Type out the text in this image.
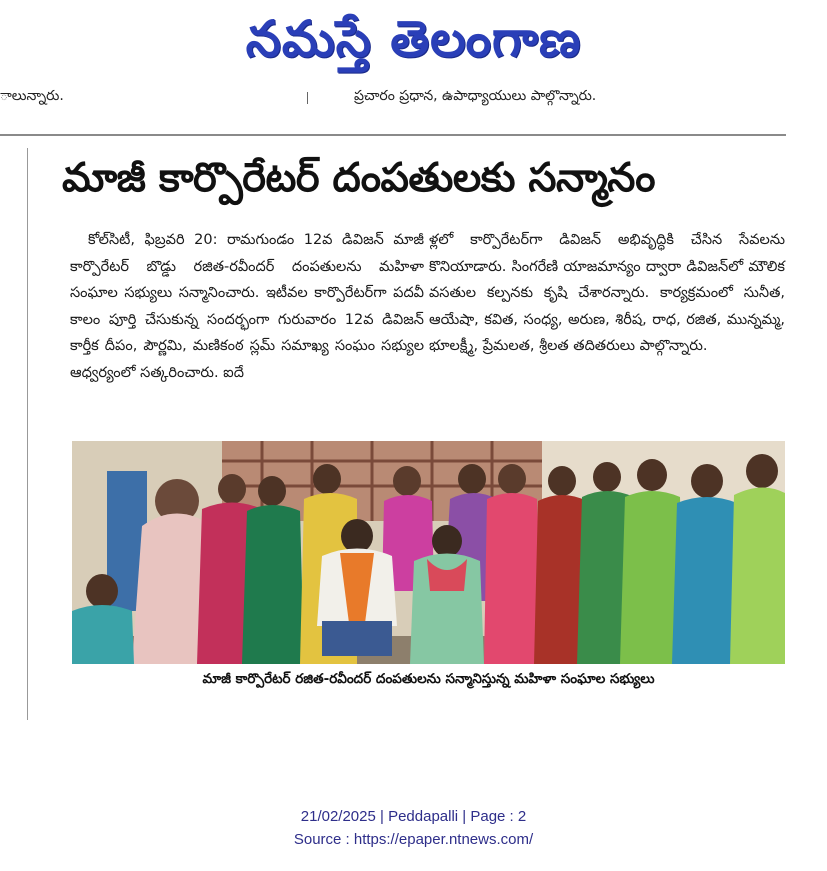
నమస్తే తెలంగాణ
ాలున్నారు.	ప్రచారం ప్రధాన, ఉపాధ్యాయులు పాల్గొన్నారు.
మాజీ కార్పొరేటర్ దంపతులకు సన్మానం
కోల్‌సిటీ, ఫిబ్రవరి 20: రామగుండం 12వ డివిజన్ మాజీ కార్పొరేటర్ బొడ్డు రజిత-రవీందర్ దంపతులను మహిళా సంఘాల సభ్యులు సన్మానించారు. ఇటీవల కార్పొరేటర్‌గా పదవీ కాలం పూర్తి చేసుకున్న సందర్భంగా గురువారం 12వ డివిజన్ కార్తీక దీపం, పౌర్ణమి, మణికంఠ స్లమ్ సమాఖ్య సంఘం సభ్యుల ఆధ్వర్యంలో సత్కరించారు. ఐదే
ళ్లలో కార్పొరేటర్‌గా డివిజన్ అభివృద్ధికి చేసిన సేవలను కొనియాడారు. సింగరేణి యాజమాన్యం ద్వారా డివిజన్‌లో మౌలిక వసతుల కల్పనకు కృషి చేశారన్నారు. కార్యక్రమంలో సునీత, ఆయేషా, కవిత, సంధ్య, అరుణ, శిరీష, రాధ, రజిత, మున్నమ్మ, భూలక్ష్మీ, ప్రేమలత, శ్రీలత తదితరులు పాల్గొన్నారు.
మాజీ కార్పొరేటర్ రజిత-రవీందర్ దంపతులను సన్మానిస్తున్న మహిళా సంఘాల సభ్యులు
21/02/2025 | Peddapalli | Page : 2
Source : https://epaper.ntnews.com/
